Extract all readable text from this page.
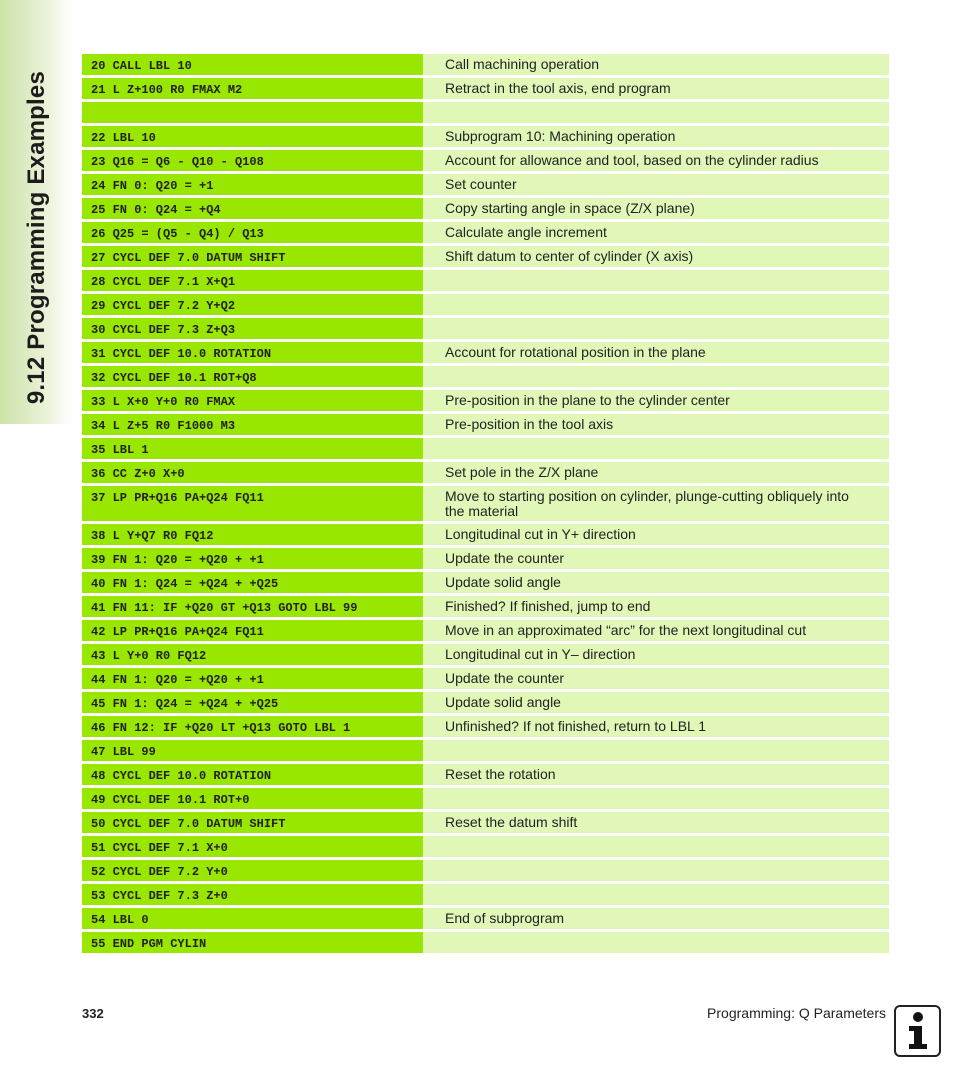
9.12 Programming Examples
20 CALL LBL 10	Call machining operation
21 L Z+100 R0 FMAX M2	Retract in the tool axis, end program
22 LBL 10	Subprogram 10: Machining operation
23 Q16 = Q6 - Q10 - Q108	Account for allowance and tool, based on the cylinder radius
24 FN 0: Q20 = +1	Set counter
25 FN 0: Q24 = +Q4	Copy starting angle in space (Z/X plane)
26 Q25 = (Q5 - Q4) / Q13	Calculate angle increment
27 CYCL DEF 7.0 DATUM SHIFT	Shift datum to center of cylinder (X axis)
28 CYCL DEF 7.1 X+Q1
29 CYCL DEF 7.2 Y+Q2
30 CYCL DEF 7.3 Z+Q3
31 CYCL DEF 10.0 ROTATION	Account for rotational position in the plane
32 CYCL DEF 10.1 ROT+Q8
33 L X+0 Y+0 R0 FMAX	Pre-position in the plane to the cylinder center
34 L Z+5 R0 F1000 M3	Pre-position in the tool axis
35 LBL 1
36 CC Z+0 X+0	Set pole in the Z/X plane
37 LP PR+Q16 PA+Q24 FQ11	Move to starting position on cylinder, plunge-cutting obliquely into the material
38 L Y+Q7 R0 FQ12	Longitudinal cut in Y+ direction
39 FN 1: Q20 = +Q20 + +1	Update the counter
40 FN 1: Q24 = +Q24 + +Q25	Update solid angle
41 FN 11: IF +Q20 GT +Q13 GOTO LBL 99	Finished? If finished, jump to end
42 LP PR+Q16 PA+Q24 FQ11	Move in an approximated “arc” for the next longitudinal cut
43 L Y+0 R0 FQ12	Longitudinal cut in Y– direction
44 FN 1: Q20 = +Q20 + +1	Update the counter
45 FN 1: Q24 = +Q24 + +Q25	Update solid angle
46 FN 12: IF +Q20 LT +Q13 GOTO LBL 1	Unfinished? If not finished, return to LBL 1
47 LBL 99
48 CYCL DEF 10.0 ROTATION	Reset the rotation
49 CYCL DEF 10.1 ROT+0
50 CYCL DEF 7.0 DATUM SHIFT	Reset the datum shift
51 CYCL DEF 7.1 X+0
52 CYCL DEF 7.2 Y+0
53 CYCL DEF 7.3 Z+0
54 LBL 0	End of subprogram
55 END PGM CYLIN
332	Programming: Q Parameters
